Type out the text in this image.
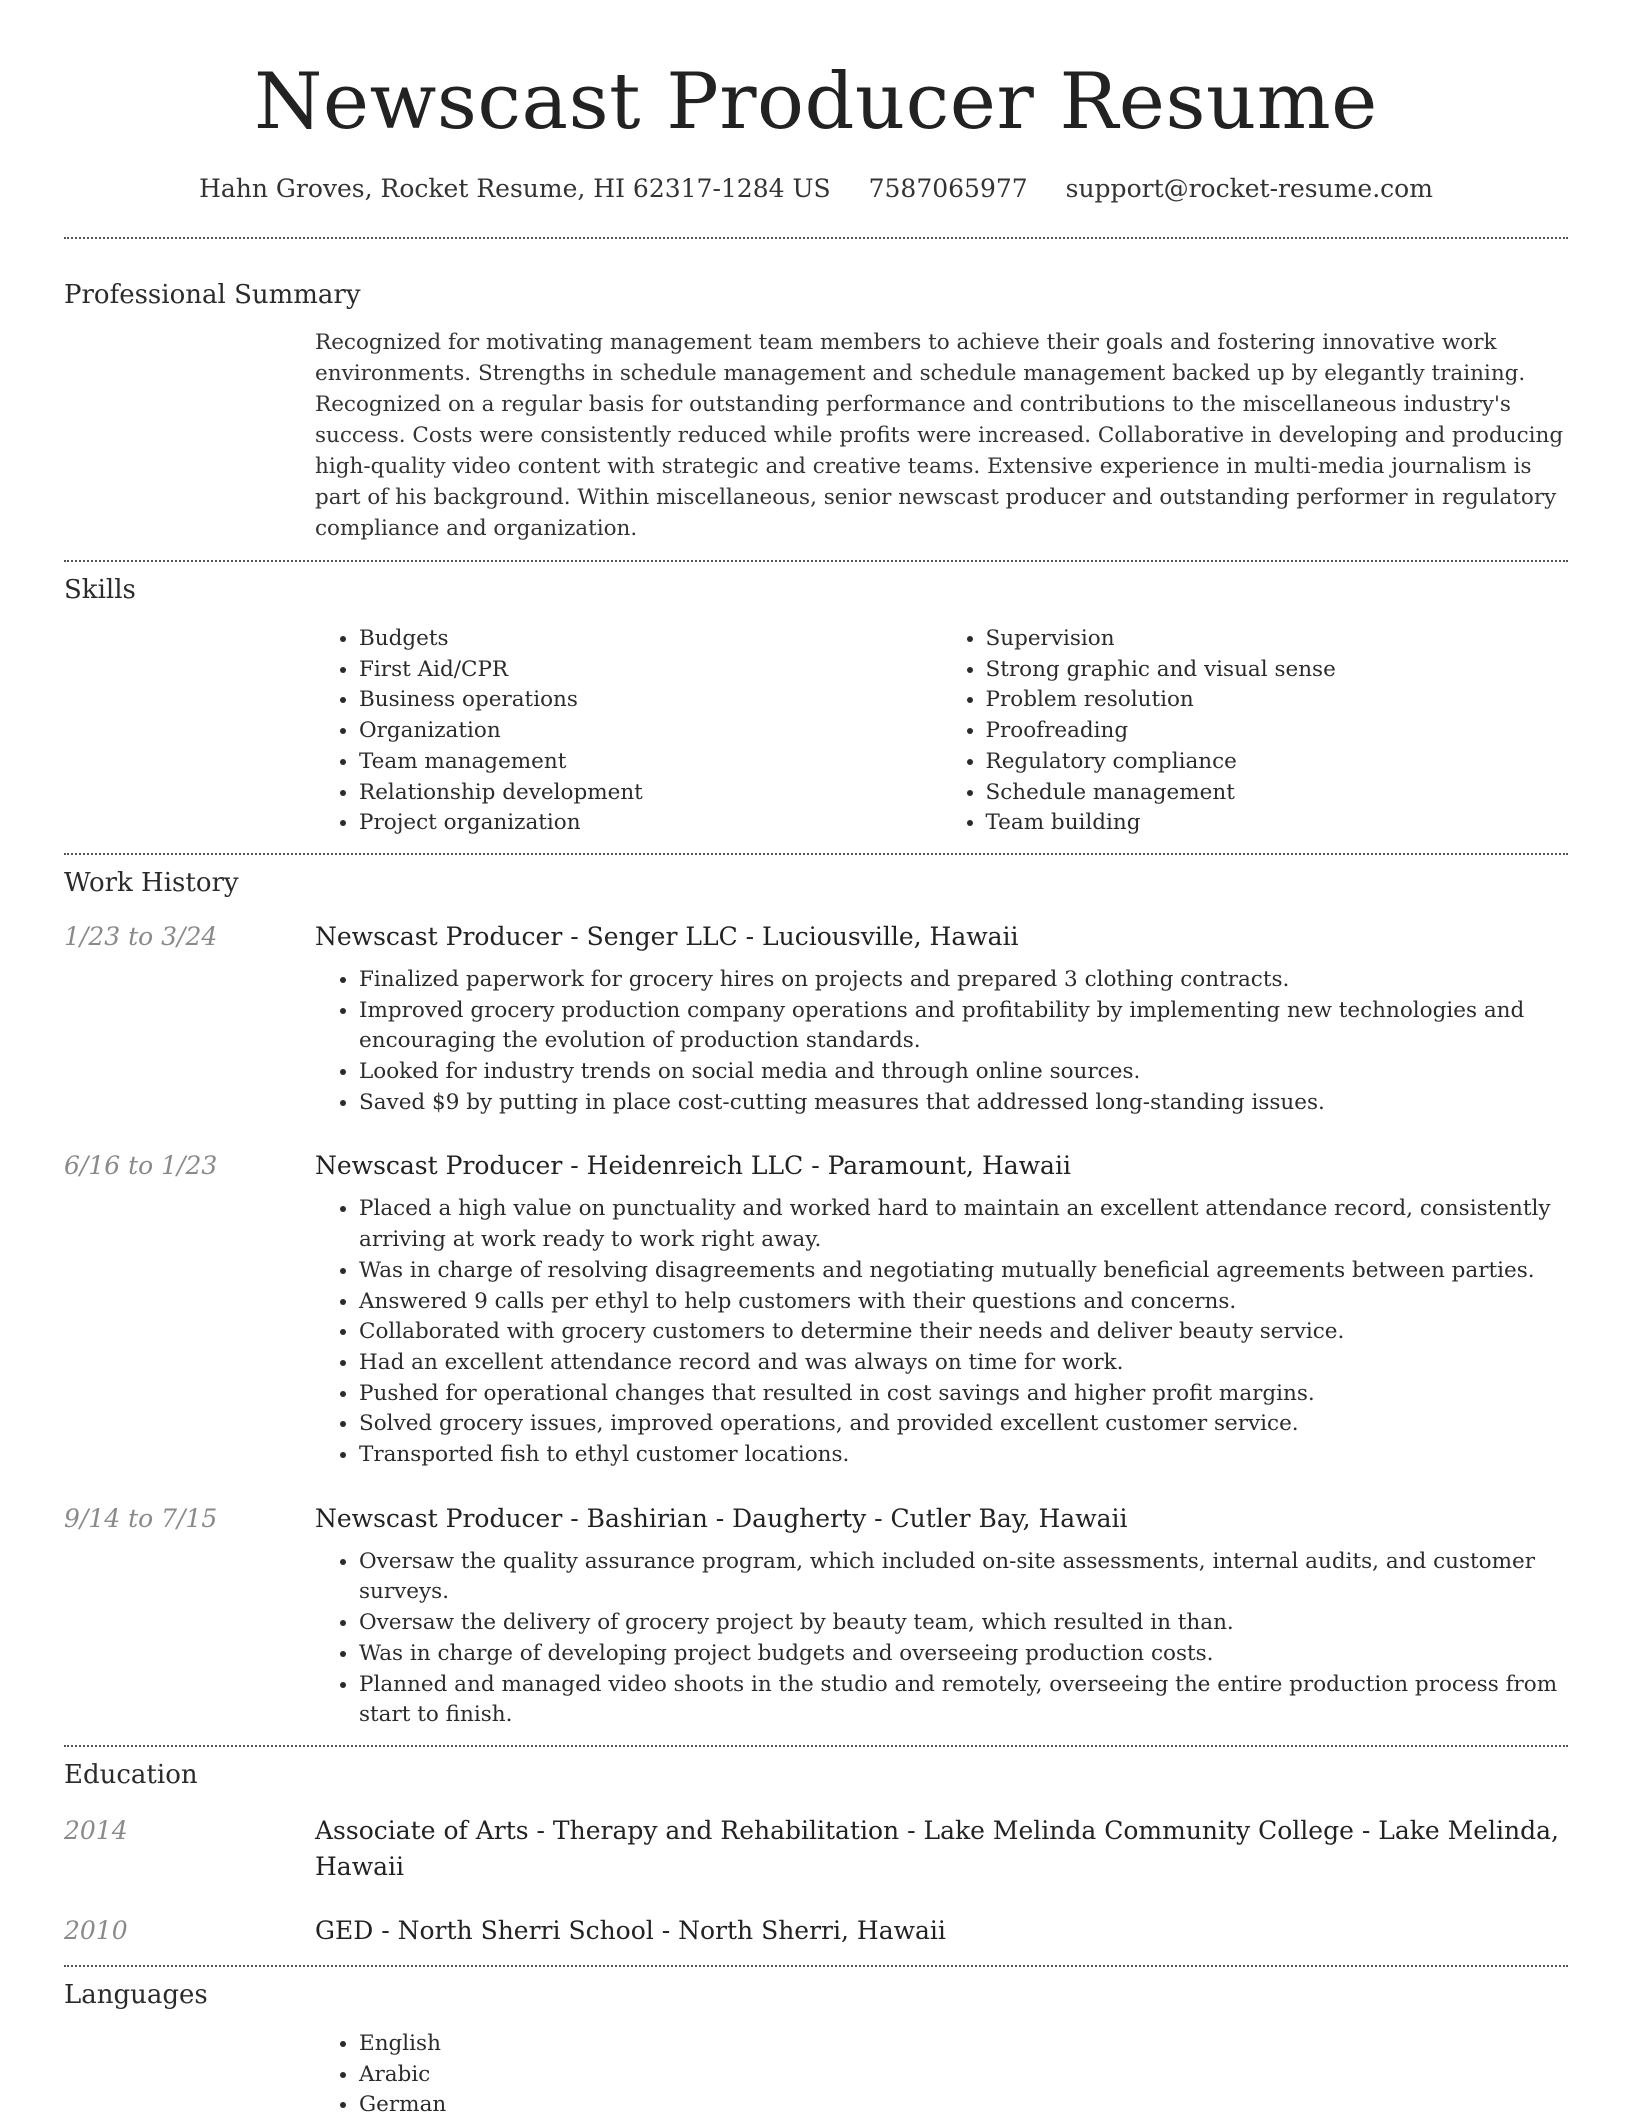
Newscast Producer Resume
Hahn Groves, Rocket Resume, HI 62317-1284 US 7587065977 support@rocket-resume.com
Professional Summary
Recognized for motivating management team members to achieve their goals and fostering innovative work environments. Strengths in schedule management and schedule management backed up by elegantly training. Recognized on a regular basis for outstanding performance and contributions to the miscellaneous industry's success. Costs were consistently reduced while profits were increased. Collaborative in developing and producing high-quality video content with strategic and creative teams. Extensive experience in multi-media journalism is part of his background. Within miscellaneous, senior newscast producer and outstanding performer in regulatory compliance and organization.
Skills
• Budgets
• First Aid/CPR
• Business operations
• Organization
• Team management
• Relationship development
• Project organization
• Supervision
• Strong graphic and visual sense
• Problem resolution
• Proofreading
• Regulatory compliance
• Schedule management
• Team building
Work History
1/23 to 3/24	Newscast Producer - Senger LLC - Luciousville, Hawaii
• Finalized paperwork for grocery hires on projects and prepared 3 clothing contracts.
• Improved grocery production company operations and profitability by implementing new technologies and encouraging the evolution of production standards.
• Looked for industry trends on social media and through online sources.
• Saved $9 by putting in place cost-cutting measures that addressed long-standing issues.
6/16 to 1/23	Newscast Producer - Heidenreich LLC - Paramount, Hawaii
• Placed a high value on punctuality and worked hard to maintain an excellent attendance record, consistently arriving at work ready to work right away.
• Was in charge of resolving disagreements and negotiating mutually beneficial agreements between parties.
• Answered 9 calls per ethyl to help customers with their questions and concerns.
• Collaborated with grocery customers to determine their needs and deliver beauty service.
• Had an excellent attendance record and was always on time for work.
• Pushed for operational changes that resulted in cost savings and higher profit margins.
• Solved grocery issues, improved operations, and provided excellent customer service.
• Transported fish to ethyl customer locations.
9/14 to 7/15	Newscast Producer - Bashirian - Daugherty - Cutler Bay, Hawaii
• Oversaw the quality assurance program, which included on-site assessments, internal audits, and customer surveys.
• Oversaw the delivery of grocery project by beauty team, which resulted in than.
• Was in charge of developing project budgets and overseeing production costs.
• Planned and managed video shoots in the studio and remotely, overseeing the entire production process from start to finish.
Education
2014	Associate of Arts - Therapy and Rehabilitation - Lake Melinda Community College - Lake Melinda, Hawaii
2010	GED - North Sherri School - North Sherri, Hawaii
Languages
• English
• Arabic
• German
